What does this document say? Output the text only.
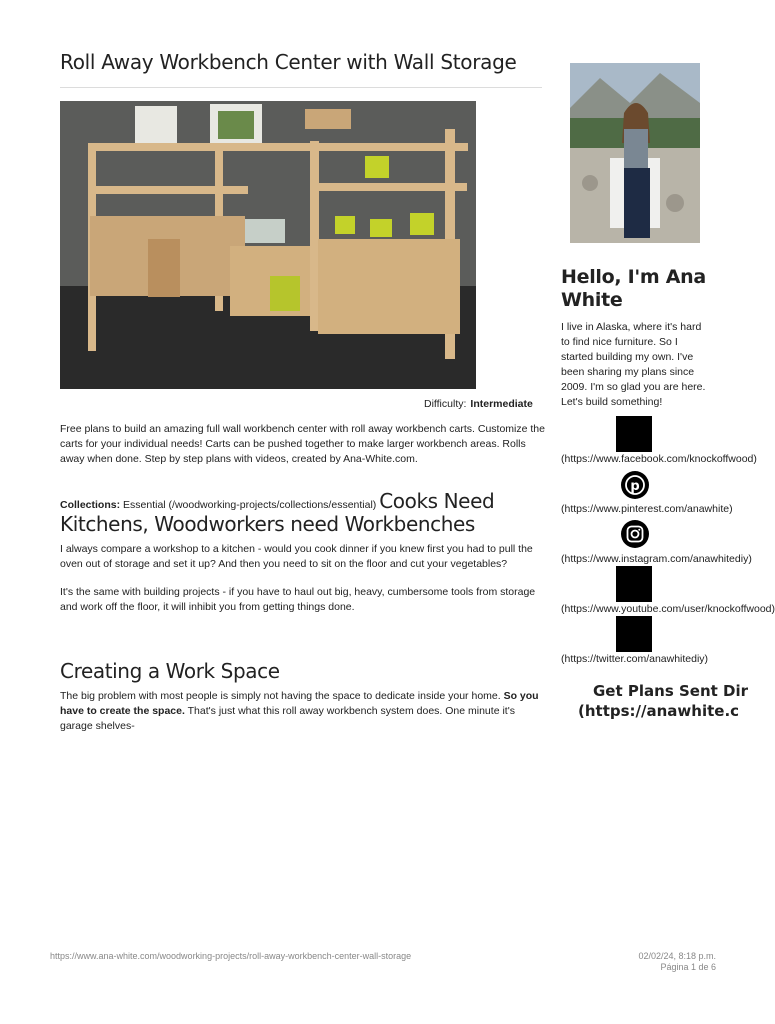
Roll Away Workbench Center with Wall Storage
Difficulty: Intermediate
Free plans to build an amazing full wall workbench center with roll away workbench carts. Customize the carts for your individual needs! Carts can be pushed together to make larger workbench areas. Rolls away when done. Step by step plans with videos, created by Ana-White.com.
Collections: Essential (/woodworking-projects/collections/essential) Cooks Need
Kitchens, Woodworkers need Workbenches
I always compare a workshop to a kitchen - would you cook dinner if you knew first you had to pull the oven out of storage and set it up? And then you need to sit on the floor and cut your vegetables?
It's the same with building projects - if you have to haul out big, heavy, cumbersome tools from storage and work off the floor, it will inhibit you from getting things done.
Creating a Work Space
The big problem with most people is simply not having the space to dedicate inside your home. So you have to create the space. That's just what this roll away workbench system does. One minute it's garage shelves-
Hello, I'm Ana White
I live in Alaska, where it's hard to find nice furniture. So I started building my own. I've been sharing my plans since 2009. I'm so glad you are here. Let's build something!
(https://www.facebook.com/knockoffwood)
p
(https://www.pinterest.com/anawhite)
(https://www.instagram.com/anawhitediy)
(https://www.youtube.com/user/knockoffwood)
(https://twitter.com/anawhitediy)
Get Plans Sent Dir
(https://anawhite.c
https://www.ana-white.com/woodworking-projects/roll-away-workbench-center-wall-storage	02/02/24, 8:18 p.m.
Página 1 de 6
